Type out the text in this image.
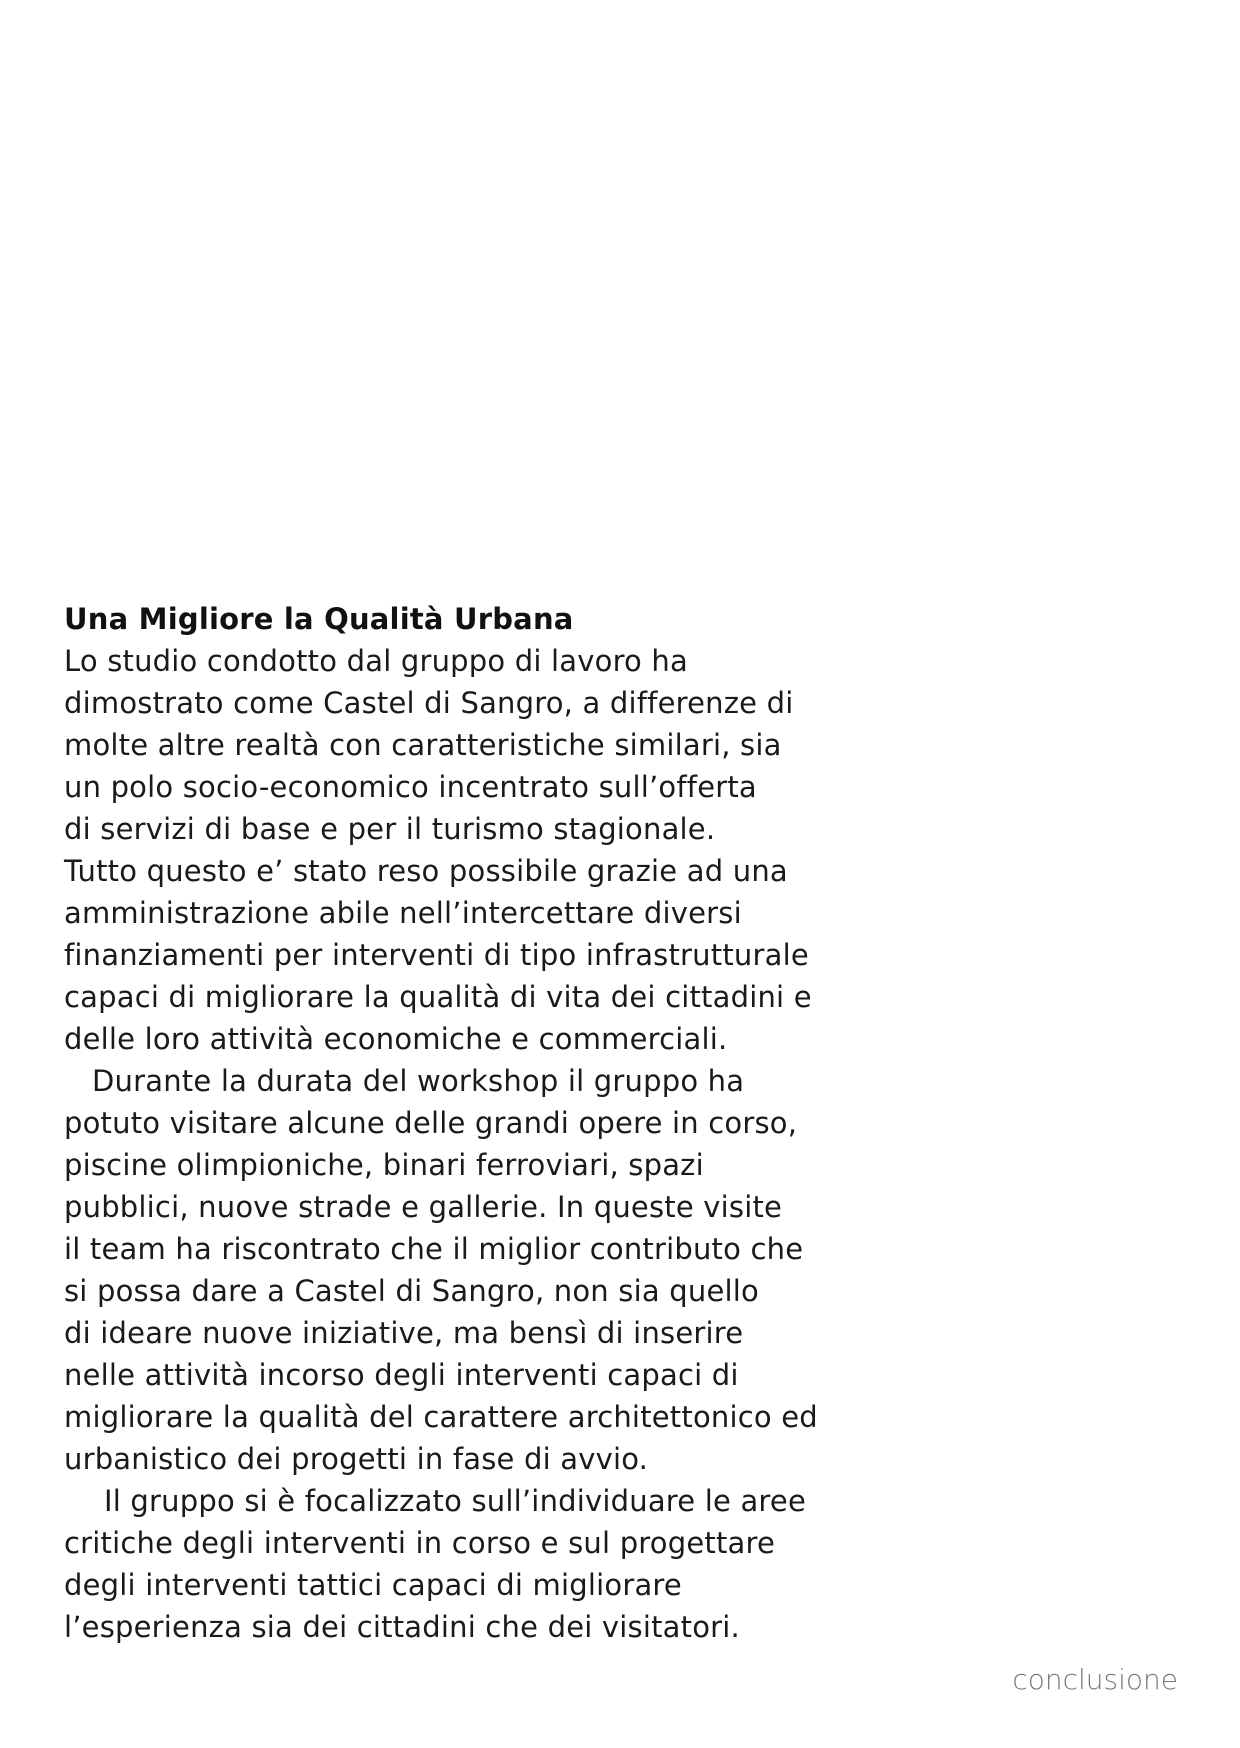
Una Migliore la Qualità Urbana

Lo studio condotto dal gruppo di lavoro ha
dimostrato come Castel di Sangro, a differenze di
molte altre realtà con caratteristiche similari, sia
un polo socio-economico incentrato sull’offerta
di servizi di base e per il turismo stagionale.
Tutto questo e’ stato reso possibile grazie ad una
amministrazione abile nell’intercettare diversi
finanziamenti per interventi di tipo infrastrutturale
capaci di migliorare la qualità di vita dei cittadini e
delle loro attività economiche e commerciali.

Durante la durata del workshop il gruppo ha
potuto visitare alcune delle grandi opere in corso,
piscine olimpioniche, binari ferroviari, spazi
pubblici, nuove strade e gallerie. In queste visite
il team ha riscontrato che il miglior contributo che
si possa dare a Castel di Sangro, non sia quello
di ideare nuove iniziative, ma bensì di inserire
nelle attività incorso degli interventi capaci di
migliorare la qualità del carattere architettonico ed
urbanistico dei progetti in fase di avvio.

Il gruppo si è focalizzato sull’individuare le aree
critiche degli interventi in corso e sul progettare
degli interventi tattici capaci di migliorare
l’esperienza sia dei cittadini che dei visitatori.

conclusione
